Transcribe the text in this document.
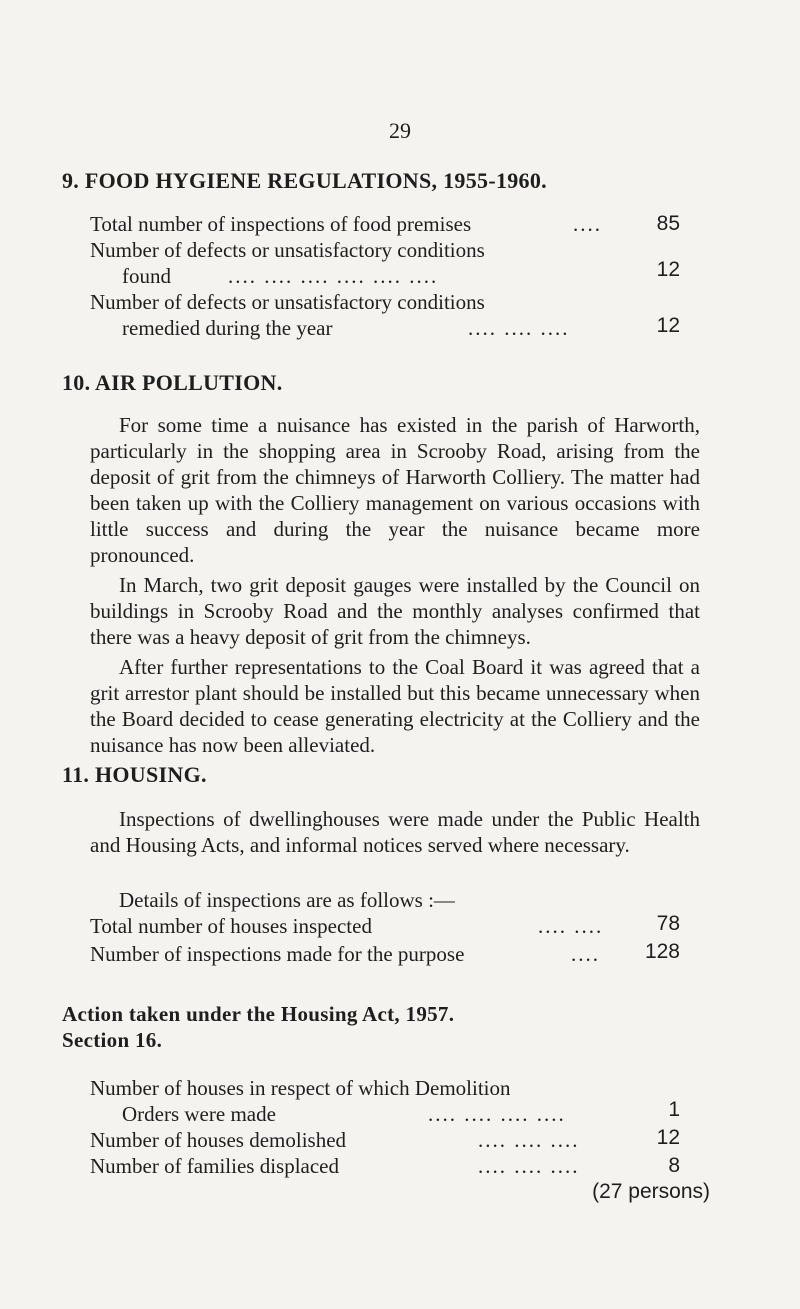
29
9. FOOD HYGIENE REGULATIONS, 1955-1960.
Total number of inspections of food premises	....	85
Number of defects or unsatisfactory conditions
found	.... .... .... .... .... ....	12
Number of defects or unsatisfactory conditions
remedied during the year	.... .... ....	12
10. AIR POLLUTION.

For some time a nuisance has existed in the parish of Harworth, particularly in the shopping area in Scrooby Road, arising from the deposit of grit from the chimneys of Harworth Colliery. The matter had been taken up with the Colliery management on various occasions with little success and during the year the nuisance became more pronounced.

In March, two grit deposit gauges were installed by the Council on buildings in Scrooby Road and the monthly analyses confirmed that there was a heavy deposit of grit from the chimneys.

After further representations to the Coal Board it was agreed that a grit arrestor plant should be installed but this became unnecessary when the Board decided to cease generating electricity at the Colliery and the nuisance has now been alleviated.

11. HOUSING.

Inspections of dwellinghouses were made under the Public Health and Housing Acts, and informal notices served where necessary.

Details of inspections are as follows :—
Total number of houses inspected	.... ....	78
Number of inspections made for the purpose	....	128
Action taken under the Housing Act, 1957.
Section 16.
Number of houses in respect of which Demolition
Orders were made	.... .... .... ....	1
Number of houses demolished	.... .... ....	12
Number of families displaced	.... .... ....	8
(27 persons)
